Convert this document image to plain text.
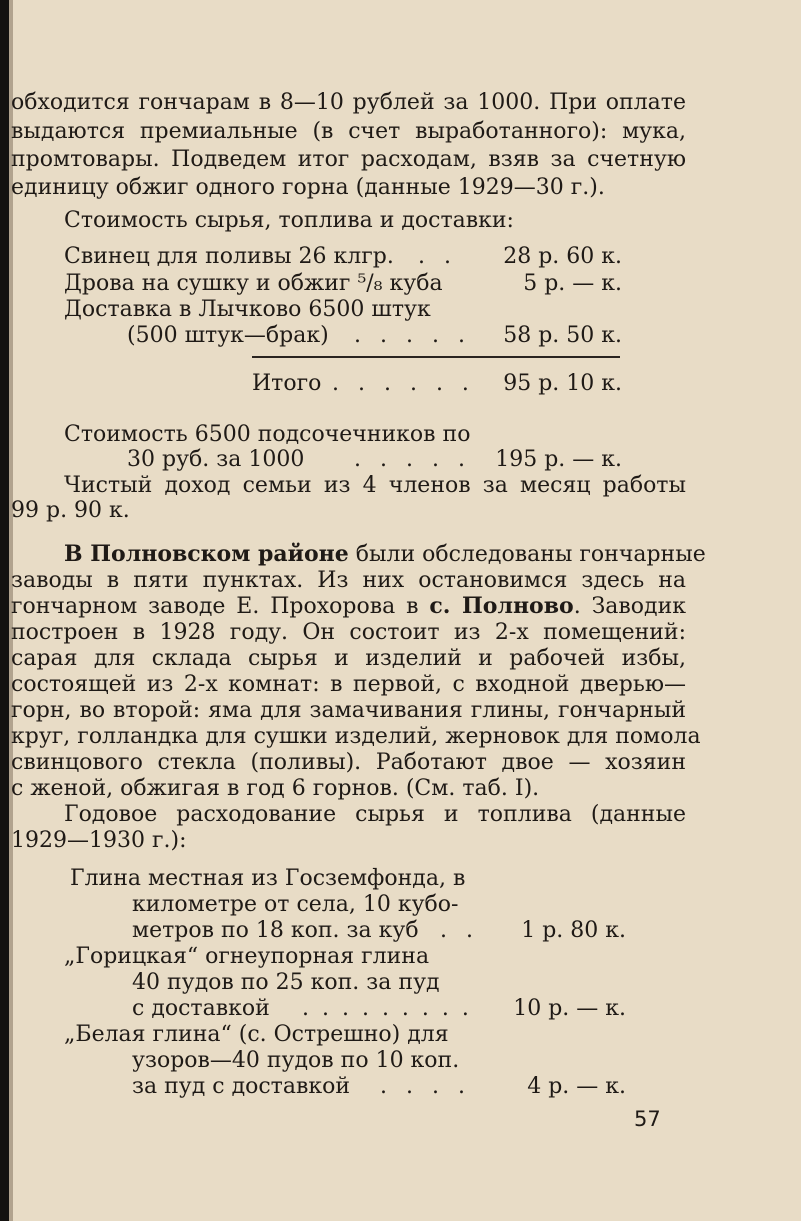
обходится гончарам в 8—10 рублей за 1000. При оплате
выдаются премиальные (в счет выработанного): мука,
промтовары. Подведем итог расходам, взяв за счетную
единицу обжиг одного горна (данные 1929—30 г.).
Стоимость сырья, топлива и доставки:
Свинец для поливы 26 клгр. . .	28 р. 60 к.
Дрова на сушку и обжиг ⁵/₈ куба	5 р. — к.
Доставка в Лычково 6500 штук
(500 штук—брак) . . . . .	58 р. 50 к.
Итого . . . . . .	95 р. 10 к.
Стоимость 6500 подсочечников по
30 руб. за 1000 . . . . .	195 р. — к.
Чистый доход семьи из 4 членов за месяц работы
99 р. 90 к.
В Полновском районе были обследованы гончарные
заводы в пяти пунктах. Из них остановимся здесь на
гончарном заводе Е. Прохорова в с. Полново. Заводик
построен в 1928 году. Он состоит из 2-х помещений:
сарая для склада сырья и изделий и рабочей избы,
состоящей из 2-х комнат: в первой, с входной дверью—
горн, во второй: яма для замачивания глины, гончарный
круг, голландка для сушки изделий, жерновок для помола
свинцового стекла (поливы). Работают двое — хозяин
с женой, обжигая в год 6 горнов. (См. таб. I).
Годовое расходование сырья и топлива (данные
1929—1930 г.):
Глина местная из Госземфонда, в
километре от села, 10 кубо-
метров по 18 коп. за куб . .	1 р. 80 к.
„Горицкая“ огнеупорная глина
40 пудов по 25 коп. за пуд
с доставкой . . . . . . . . .	10 р. — к.
„Белая глина“ (с. Острешно) для
узоров—40 пудов по 10 коп.
за пуд с доставкой . . . .	4 р. — к.
57
